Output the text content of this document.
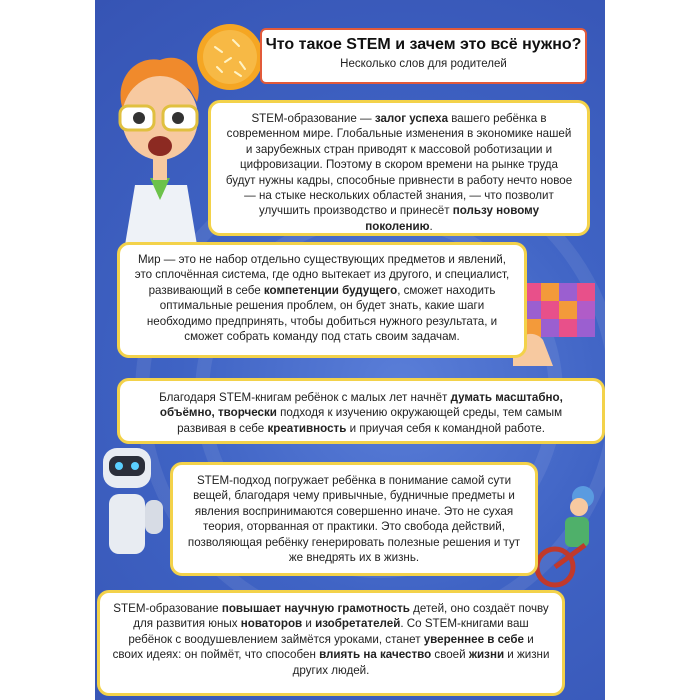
Что такое STEM и зачем это всё нужно?
Несколько слов для родителей

STEM-образование — залог успеха вашего ребёнка в современном мире. Глобальные изменения в экономике нашей и зарубежных стран приводят к массовой роботизации и цифровизации. Поэтому в скором времени на рынке труда будут нужны кадры, способные привнести в работу нечто новое — на стыке нескольких областей знания, — что позволит улучшить производство и принесёт пользу новому поколению.

Мир — это не набор отдельно существующих предметов и явлений, это сплочённая система, где одно вытекает из другого, и специалист, развивающий в себе компетенции будущего, сможет находить оптимальные решения проблем, он будет знать, какие шаги необходимо предпринять, чтобы добиться нужного результата, и сможет собрать команду под стать своим задачам.

Благодаря STEM-книгам ребёнок с малых лет начнёт думать масштабно, объёмно, творчески подходя к изучению окружающей среды, тем самым развивая в себе креативность и приучая себя к командной работе.

STEM-подход погружает ребёнка в понимание самой сути вещей, благодаря чему привычные, будничные предметы и явления воспринимаются совершенно иначе. Это не сухая теория, оторванная от практики. Это свобода действий, позволяющая ребёнку генерировать полезные решения и тут же внедрять их в жизнь.

STEM-образование повышает научную грамотность детей, оно создаёт почву для развития юных новаторов и изобретателей. Со STEM-книгами ваш ребёнок с воодушевлением займётся уроками, станет увереннее в себе и своих идеях: он поймёт, что способен влиять на качество своей жизни и жизни других людей.
